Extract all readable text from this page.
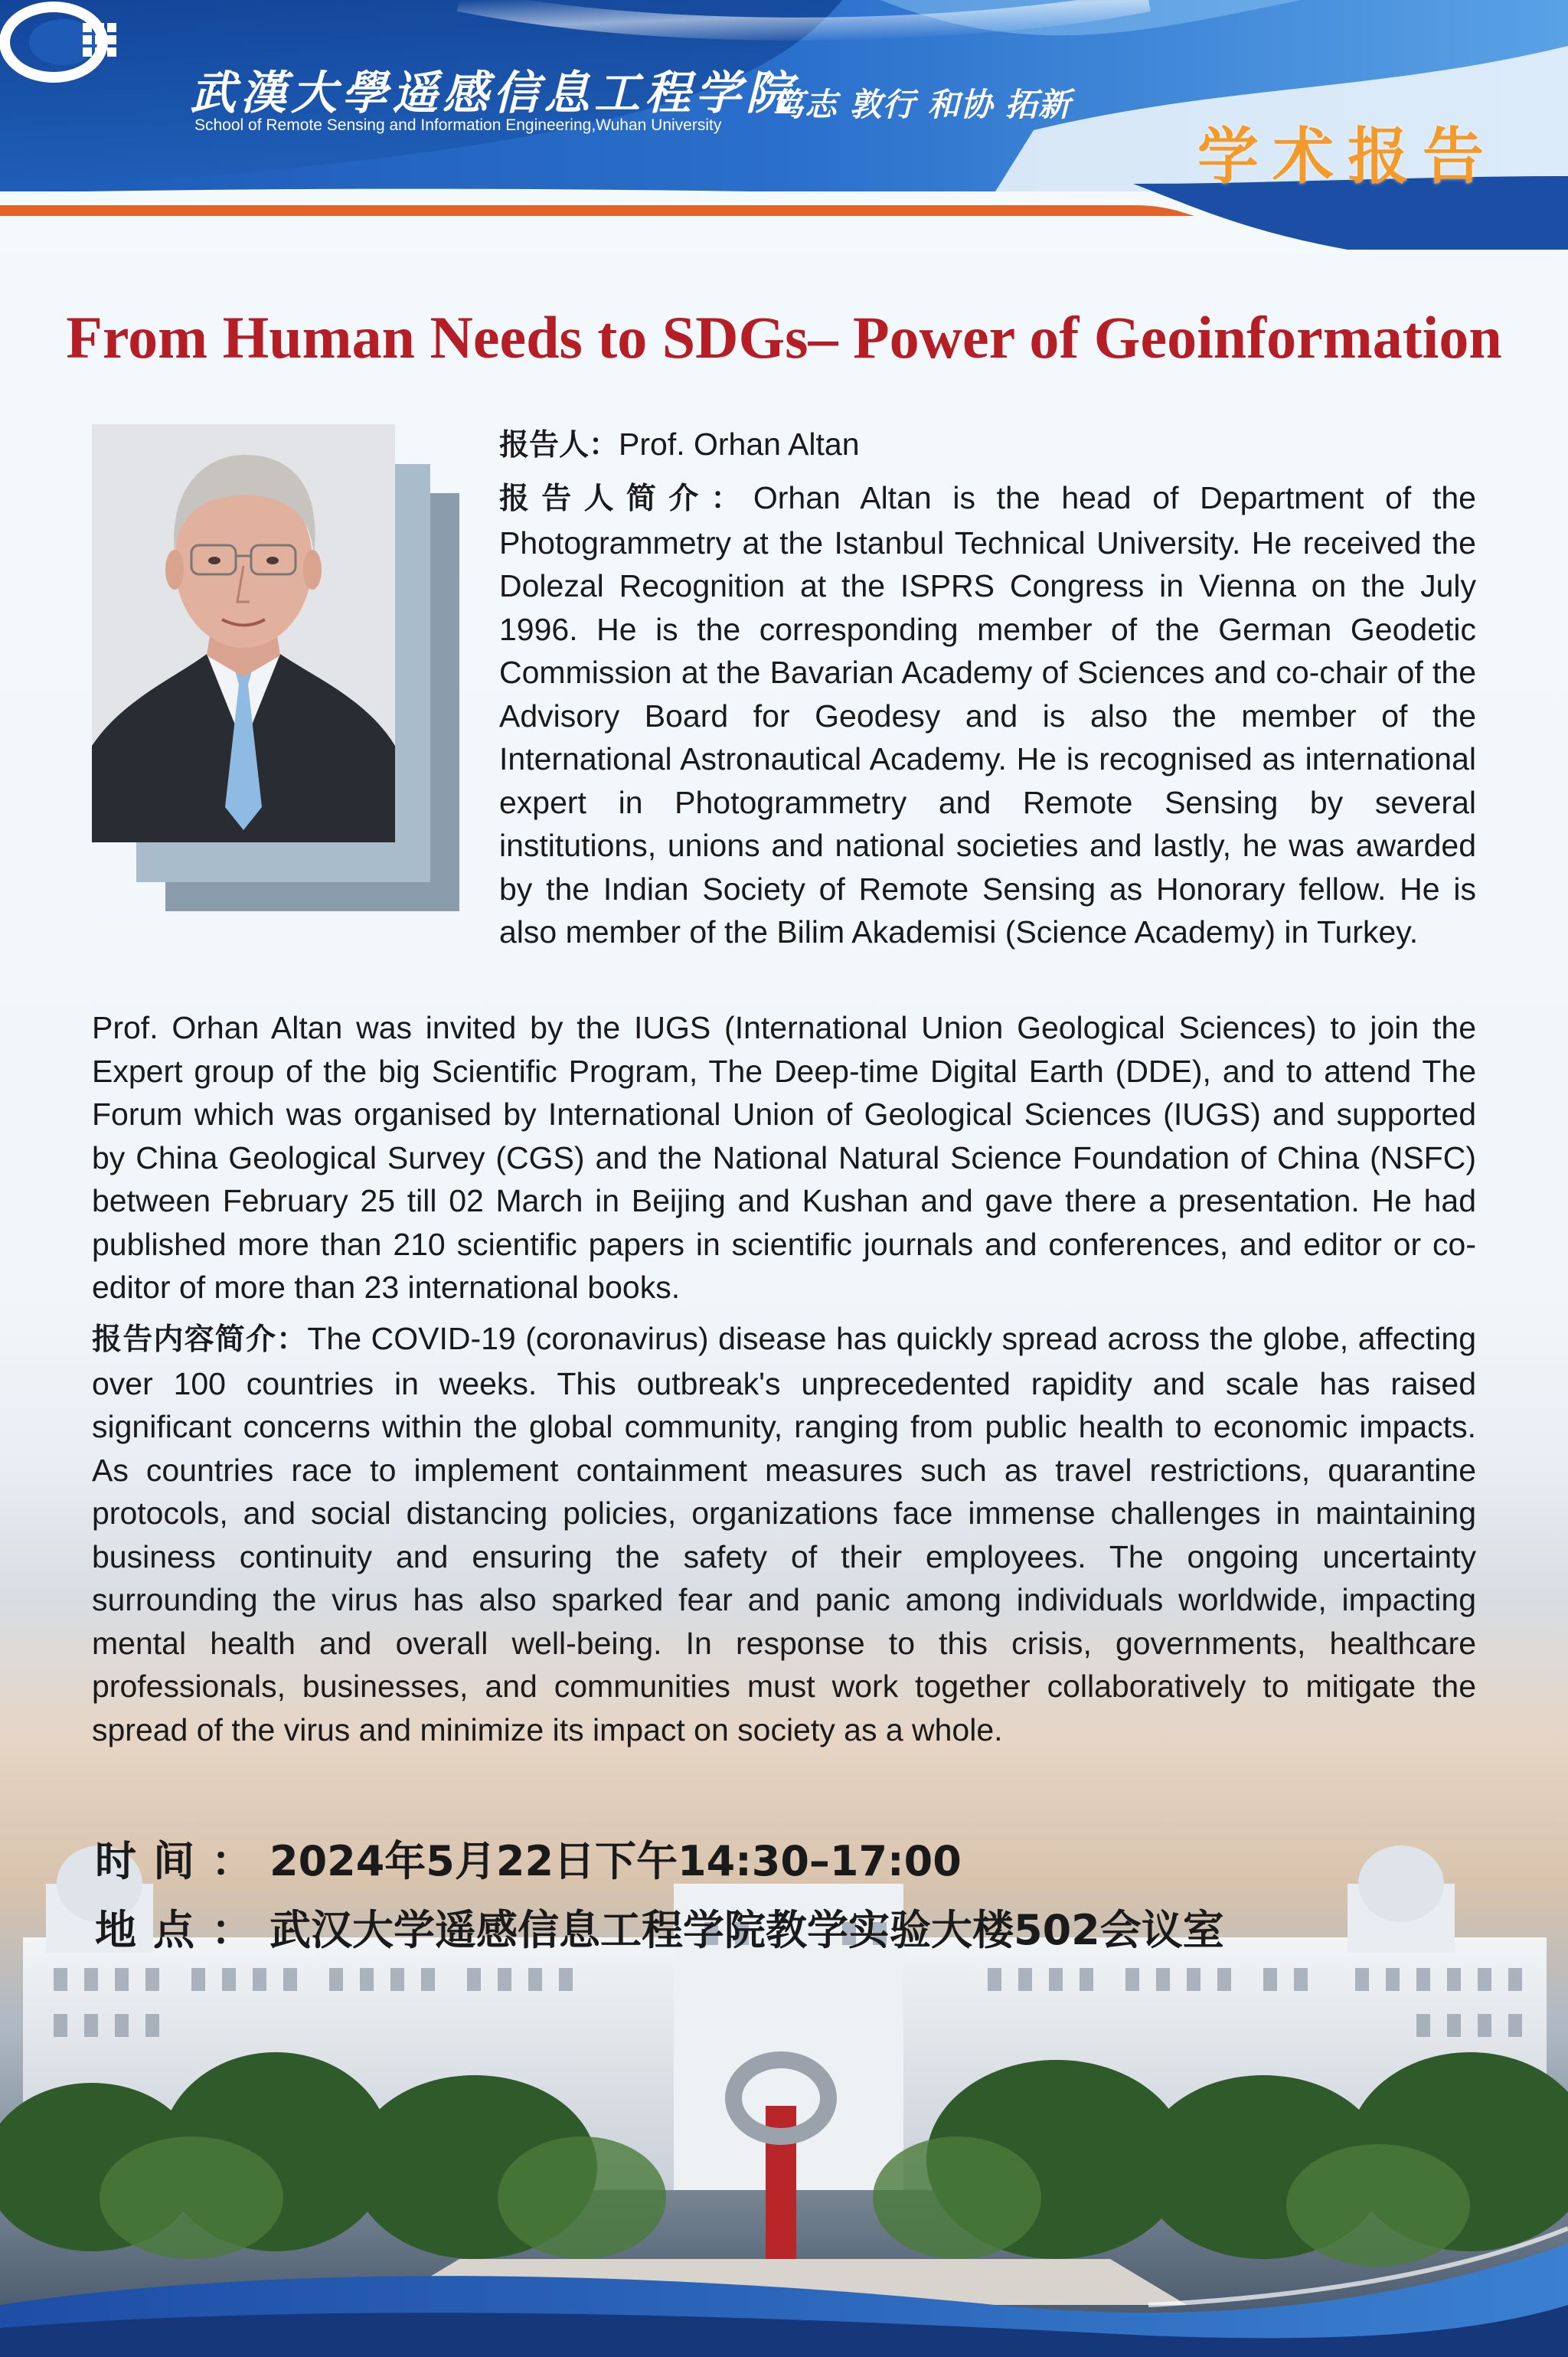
武漢大學遥感信息工程学院
School of Remote Sensing and Information Engineering,Wuhan University
笃志 敦行 和协 拓新
学术报告
From Human Needs to SDGs– Power of Geoinformation
报告人：Prof. Orhan Altan
报告人简介：Orhan Altan is the head of Department of the Photogrammetry at the Istanbul Technical University. He received the Dolezal Recognition at the ISPRS Congress in Vienna on the July 1996. He is the corresponding member of the German Geodetic Commission at the Bavarian Academy of Sciences and co-chair of the Advisory Board for Geodesy and is also the member of the International Astronautical Academy. He is recognised as international expert in Photogrammetry and Remote Sensing by several institutions, unions and national societies and lastly, he was awarded by the Indian Society of Remote Sensing as Honorary fellow. He is also member of the Bilim Akademisi (Science Academy) in Turkey.
Prof. Orhan Altan was invited by the IUGS (International Union Geological Sciences) to join the Expert group of the big Scientific Program, The Deep-time Digital Earth (DDE), and to attend The Forum which was organised by International Union of Geological Sciences (IUGS) and supported by China Geological Survey (CGS) and the National Natural Science Foundation of China (NSFC) between February 25 till 02 March in Beijing and Kushan and gave there a presentation. He had published more than 210 scientific papers in scientific journals and conferences, and editor or co-editor of more than 23 international books.
报告内容简介：The COVID-19 (coronavirus) disease has quickly spread across the globe, affecting over 100 countries in weeks. This outbreak's unprecedented rapidity and scale has raised significant concerns within the global community, ranging from public health to economic impacts. As countries race to implement containment measures such as travel restrictions, quarantine protocols, and social distancing policies, organizations face immense challenges in maintaining business continuity and ensuring the safety of their employees. The ongoing uncertainty surrounding the virus has also sparked fear and panic among individuals worldwide, impacting mental health and overall well-being. In response to this crisis, governments, healthcare professionals, businesses, and communities must work together collaboratively to mitigate the spread of the virus and minimize its impact on society as a whole.
时间：2024年5月22日下午14:30–17:00
地点：武汉大学遥感信息工程学院教学实验大楼502会议室
